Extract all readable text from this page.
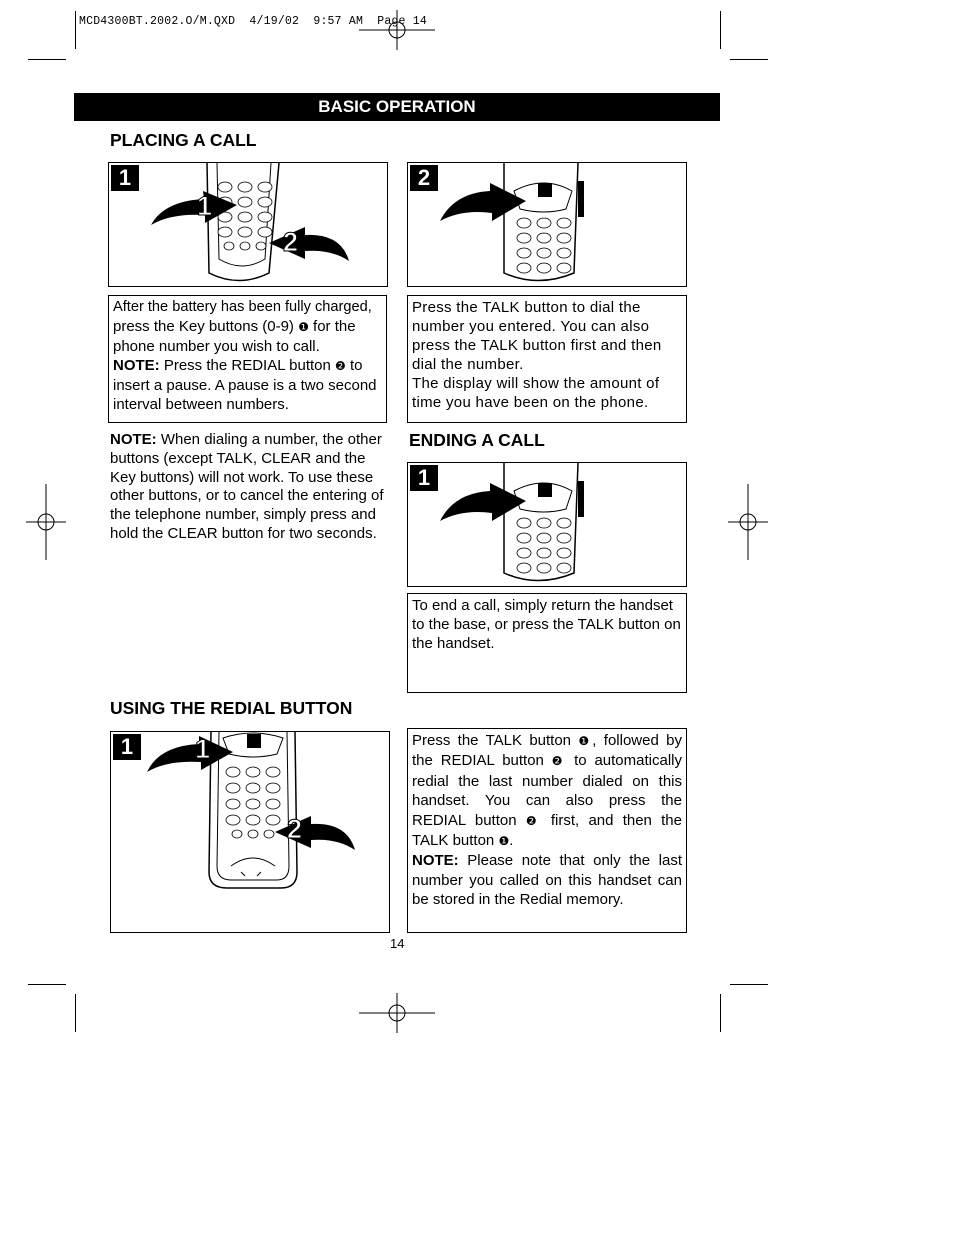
MCD4300BT.2002.O/M.QXD  4/19/02  9:57 AM  Page 14
BASIC OPERATION
PLACING A CALL
1
1
2
2

After the battery has been fully charged,

press the Key buttons (0-9) ❶ for the phone number you wish to call.

NOTE: Press the REDIAL button ❷ to insert a pause. A pause is a two second interval between numbers.

Press the TALK button to dial the number you entered. You can also press the TALK button first and then dial the number.

The display will show the amount of time you have been on the phone.

NOTE: When dialing a number, the other buttons (except TALK, CLEAR and the Key buttons) will not work. To use these other buttons, or to cancel the entering of the telephone number, simply press and hold the CLEAR button for two seconds.
ENDING A CALL
1

To end a call, simply return the handset to the base, or press the TALK button on the handset.

USING THE REDIAL BUTTON
1 1
2

Press the TALK button ❶, followed by the REDIAL button ❷ to automatically redial the last number dialed on this handset. You can also press the REDIAL button ❷ first, and then the TALK button ❶.

NOTE: Please note that only the last number you called on this handset can be stored in the Redial memory.

14
